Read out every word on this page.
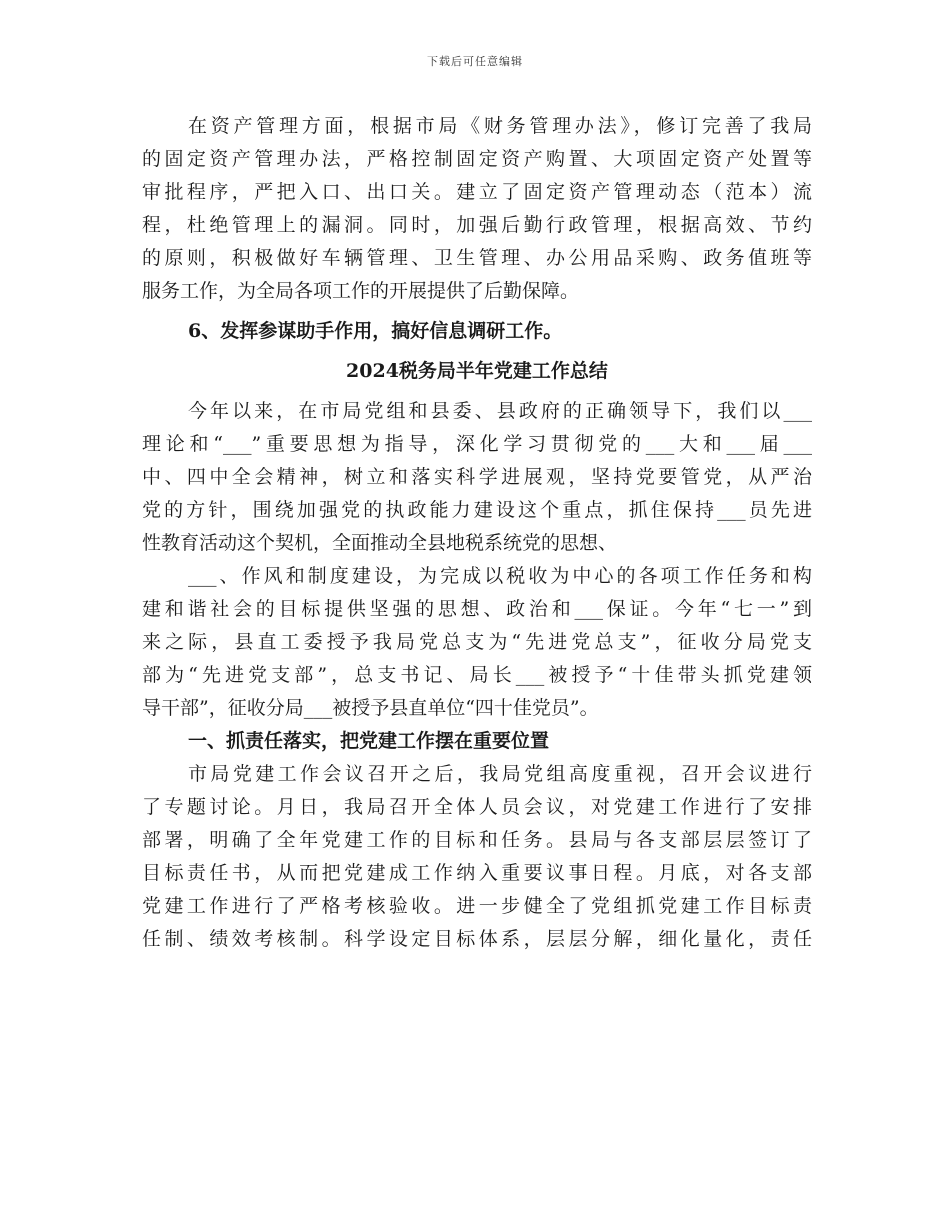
下载后可任意编辑
在资产管理方面，根据市局《财务管理办法》，修订完善了我局
的固定资产管理办法，严格控制固定资产购置、大项固定资产处置等
审批程序，严把入口、出口关。建立了固定资产管理动态（范本）流
程，杜绝管理上的漏洞。同时，加强后勤行政管理，根据高效、节约
的原则，积极做好车辆管理、卫生管理、办公用品采购、政务值班等
服务工作，为全局各项工作的开展提供了后勤保障。
6、发挥参谋助手作用，搞好信息调研工作。
2024税务局半年党建工作总结
今年以来，在市局党组和县委、县政府的正确领导下，我们以___
理论和“___”重要思想为指导，深化学习贯彻党的___大和___届___
中、四中全会精神，树立和落实科学进展观，坚持党要管党，从严治
党的方针，围绕加强党的执政能力建设这个重点，抓住保持___员先进
性教育活动这个契机，全面推动全县地税系统党的思想、
___、作风和制度建设，为完成以税收为中心的各项工作任务和构
建和谐社会的目标提供坚强的思想、政治和___保证。今年“七一”到
来之际，县直工委授予我局党总支为“先进党总支”，征收分局党支
部为“先进党支部”，总支书记、局长___被授予“十佳带头抓党建领
导干部”，征收分局___被授予县直单位“四十佳党员”。
一、抓责任落实，把党建工作摆在重要位置
市局党建工作会议召开之后，我局党组高度重视，召开会议进行
了专题讨论。月日，我局召开全体人员会议，对党建工作进行了安排
部署，明确了全年党建工作的目标和任务。县局与各支部层层签订了
目标责任书，从而把党建成工作纳入重要议事日程。月底，对各支部
党建工作进行了严格考核验收。进一步健全了党组抓党建工作目标责
任制、绩效考核制。科学设定目标体系，层层分解，细化量化，责任
